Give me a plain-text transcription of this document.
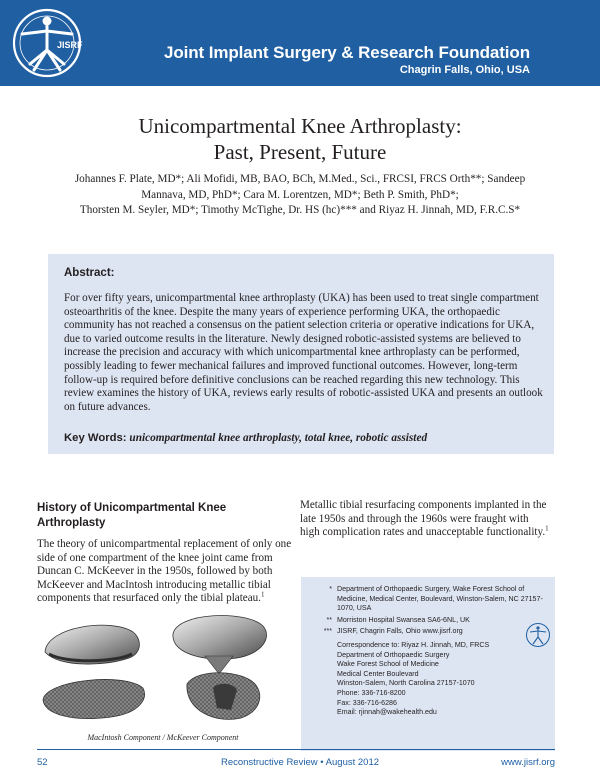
JISRF	Joint Implant Surgery & Research Foundation
Chagrin Falls, Ohio, USA
Unicompartmental Knee Arthroplasty:
Past, Present, Future
Johannes F. Plate, MD*; Ali Mofidi, MB, BAO, BCh, M.Med., Sci., FRCSI, FRCS Orth**; Sandeep
Mannava, MD, PhD*; Cara M. Lorentzen, MD*; Beth P. Smith, PhD*;
Thorsten M. Seyler, MD*; Timothy McTighe, Dr. HS (hc)*** and Riyaz H. Jinnah, MD, F.R.C.S*
Abstract:
For over fifty years, unicompartmental knee arthroplasty (UKA) has been used to treat single compartment osteoarthritis of the knee. Despite the many years of experience performing UKA, the orthopaedic community has not reached a consensus on the patient selection criteria or operative indications for UKA, due to varied outcome results in the literature. Newly designed robotic-assisted systems are believed to increase the precision and accuracy with which unicompartmental knee arthroplasty can be performed, possibly leading to fewer mechanical failures and improved functional outcomes. However, long-term follow-up is required before definitive conclusions can be reached regarding this new technology. This review examines the history of UKA, reviews early results of robotic-assisted UKA and presents an outlook on future advances.
Key Words: unicompartmental knee arthroplasty, total knee, robotic assisted
History of Unicompartmental Knee Arthroplasty
The theory of unicompartmental replacement of only one side of one compartment of the knee joint came from Duncan C. McKeever in the 1950s, followed by both McKeever and MacIntosh introducing metallic tibial components that resurfaced only the tibial plateau.$^1$
Metallic tibial resurfacing components implanted in the late 1950s and through the 1960s were fraught with high complication rates and unacceptable functionality.$^1$
MacIntosh Component / McKeever Component
* Department of Orthopaedic Surgery, Wake Forest School of Medicine, Medical Center, Boulevard, Winston-Salem, NC 27157-1070, USA
** Morriston Hospital Swansea SA6-6NL, UK
*** JISRF, Chagrin Falls, Ohio www.jisrf.org
Correspondence to: Riyaz H. Jinnah, MD, FRCS
Department of Orthopaedic Surgery
Wake Forest School of Medicine
Medical Center Boulevard
Winston-Salem, North Carolina 27157-1070
Phone: 336-716-8200
Fax: 336-716-6286
Email: rjinnah@wakehealth.edu
52	Reconstructive Review • August 2012	www.jisrf.org
